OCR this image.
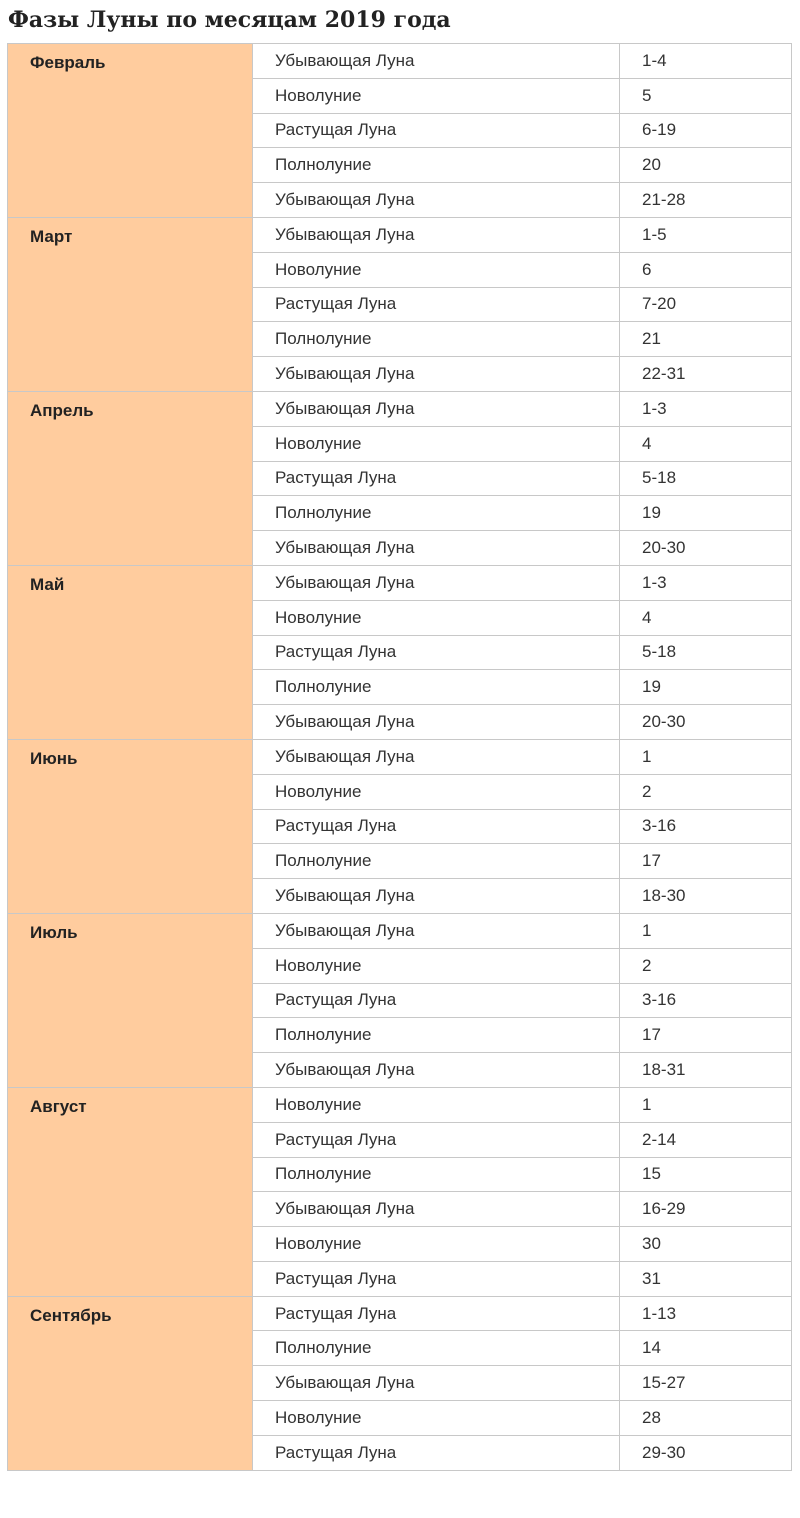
Фазы Луны по месяцам 2019 года
Февраль	Убывающая Луна	1-4
	Новолуние	5
	Растущая Луна	6-19
	Полнолуние	20
	Убывающая Луна	21-28
Март	Убывающая Луна	1-5
	Новолуние	6
	Растущая Луна	7-20
	Полнолуние	21
	Убывающая Луна	22-31
Апрель	Убывающая Луна	1-3
	Новолуние	4
	Растущая Луна	5-18
	Полнолуние	19
	Убывающая Луна	20-30
Май	Убывающая Луна	1-3
	Новолуние	4
	Растущая Луна	5-18
	Полнолуние	19
	Убывающая Луна	20-30
Июнь	Убывающая Луна	1
	Новолуние	2
	Растущая Луна	3-16
	Полнолуние	17
	Убывающая Луна	18-30
Июль	Убывающая Луна	1
	Новолуние	2
	Растущая Луна	3-16
	Полнолуние	17
	Убывающая Луна	18-31
Август	Новолуние	1
	Растущая Луна	2-14
	Полнолуние	15
	Убывающая Луна	16-29
	Новолуние	30
	Растущая Луна	31
Сентябрь	Растущая Луна	1-13
	Полнолуние	14
	Убывающая Луна	15-27
	Новолуние	28
	Растущая Луна	29-30
